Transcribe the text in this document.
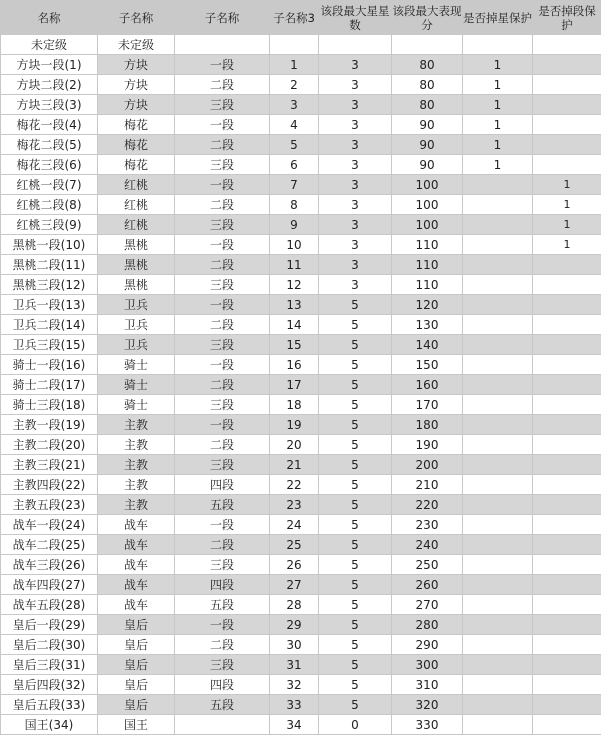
名称	子名称	子名称	子名称3	该段最大星星数	该段最大表现分	是否掉星保护	是否掉段保护
未定级	未定级						
方块一段(1)	方块	一段	1	3	80	1	
方块二段(2)	方块	二段	2	3	80	1	
方块三段(3)	方块	三段	3	3	80	1	
梅花一段(4)	梅花	一段	4	3	90	1	
梅花二段(5)	梅花	二段	5	3	90	1	
梅花三段(6)	梅花	三段	6	3	90	1	
红桃一段(7)	红桃	一段	7	3	100		1
红桃二段(8)	红桃	二段	8	3	100		1
红桃三段(9)	红桃	三段	9	3	100		1
黑桃一段(10)	黑桃	一段	10	3	110		1
黑桃二段(11)	黑桃	二段	11	3	110		
黑桃三段(12)	黑桃	三段	12	3	110		
卫兵一段(13)	卫兵	一段	13	5	120		
卫兵二段(14)	卫兵	二段	14	5	130		
卫兵三段(15)	卫兵	三段	15	5	140		
骑士一段(16)	骑士	一段	16	5	150		
骑士二段(17)	骑士	二段	17	5	160		
骑士三段(18)	骑士	三段	18	5	170		
主教一段(19)	主教	一段	19	5	180		
主教二段(20)	主教	二段	20	5	190		
主教三段(21)	主教	三段	21	5	200		
主教四段(22)	主教	四段	22	5	210		
主教五段(23)	主教	五段	23	5	220		
战车一段(24)	战车	一段	24	5	230		
战车二段(25)	战车	二段	25	5	240		
战车三段(26)	战车	三段	26	5	250		
战车四段(27)	战车	四段	27	5	260		
战车五段(28)	战车	五段	28	5	270		
皇后一段(29)	皇后	一段	29	5	280		
皇后二段(30)	皇后	二段	30	5	290		
皇后三段(31)	皇后	三段	31	5	300		
皇后四段(32)	皇后	四段	32	5	310		
皇后五段(33)	皇后	五段	33	5	320		
国王(34)	国王		34	0	330		
